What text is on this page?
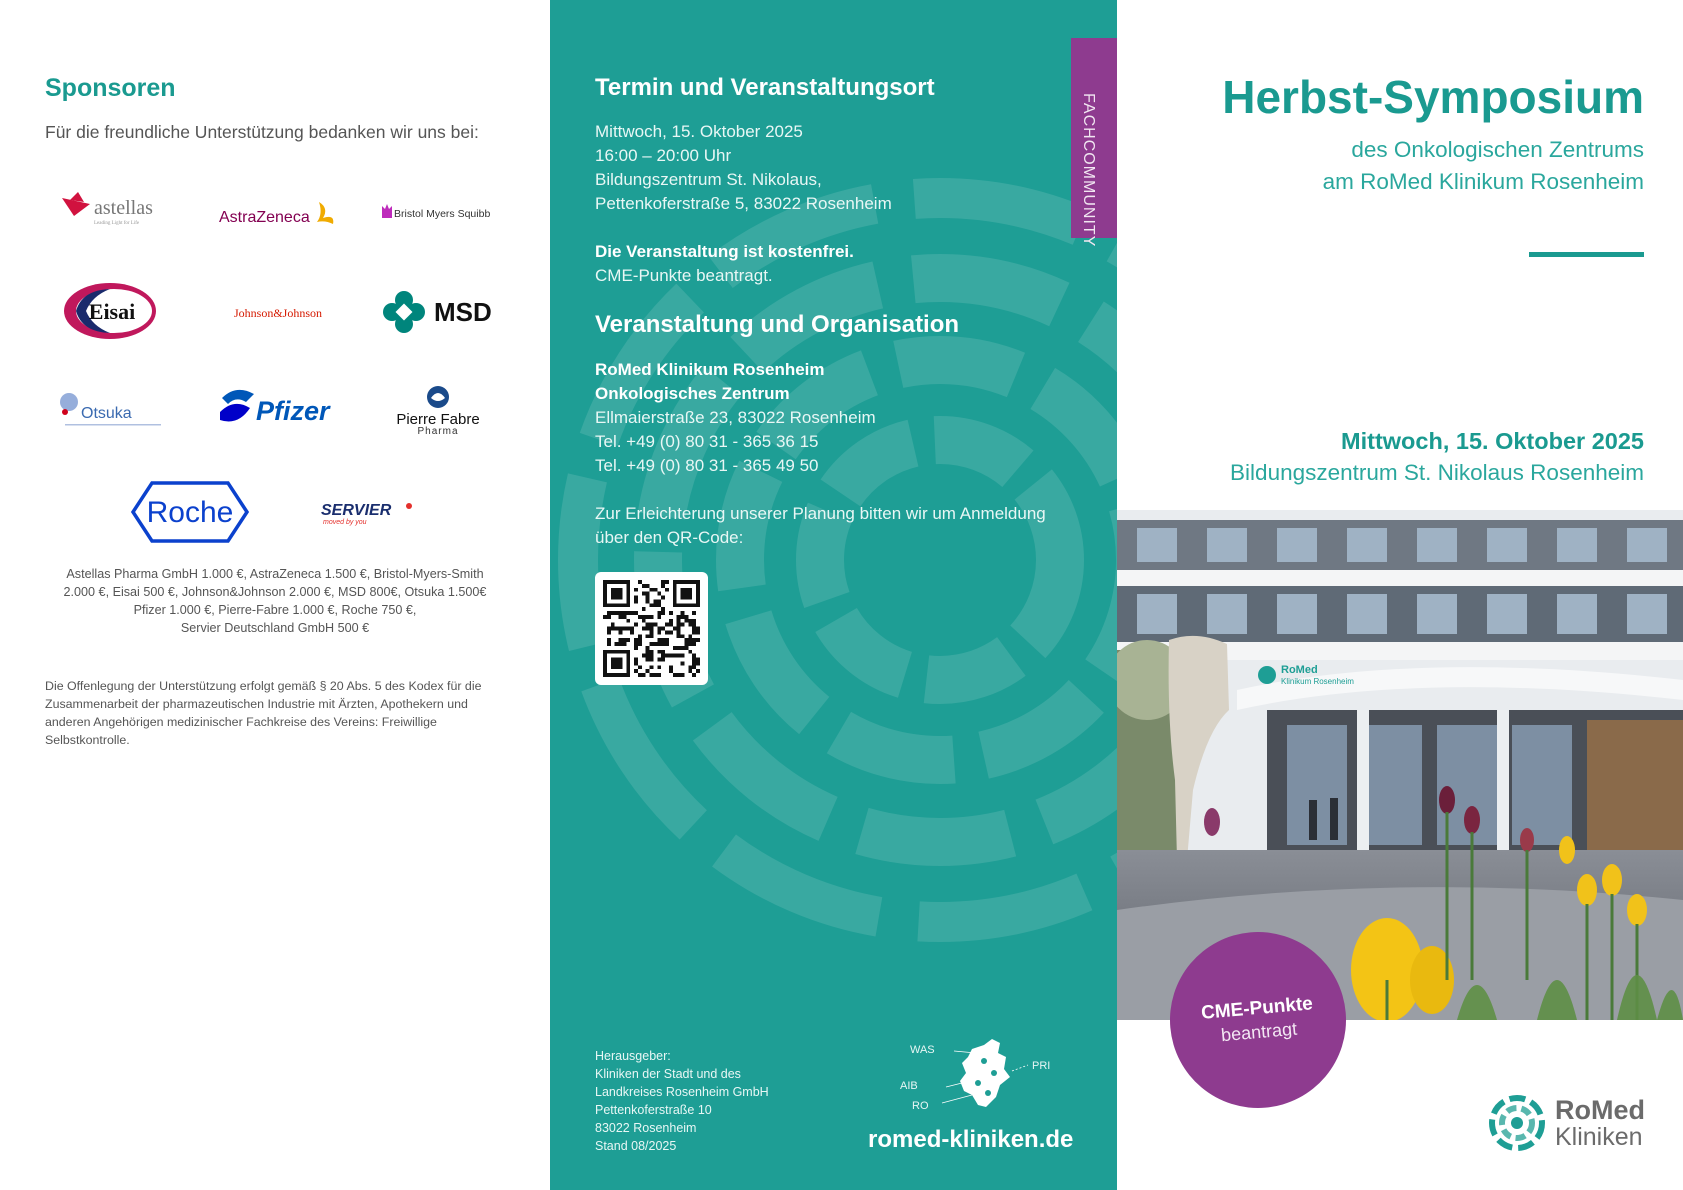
Sponsoren

Für die freundliche Unterstützung bedanken wir uns bei:

astellas
Leading Light for Life	AstraZeneca	Bristol Myers Squibb
Eisai	Johnson&Johnson	MSD
Otsuka	Pfizer	Pierre Fabre
Pharma
Roche	SERVIER
moved by you
Astellas Pharma GmbH 1.000 €, AstraZeneca 1.500 €, Bristol-Myers-Smith
2.000 €, Eisai 500 €, Johnson&Johnson 2.000 €, MSD 800€, Otsuka 1.500€
Pfizer 1.000 €, Pierre-Fabre 1.000 €, Roche 750 €,
Servier Deutschland GmbH 500 €

Die Offenlegung der Unterstützung erfolgt gemäß § 20 Abs. 5 des Kodex für die Zusammenarbeit der pharmazeutischen Industrie mit Ärzten, Apothekern und anderen Angehörigen medizinischer Fachkreise des Vereins: Freiwillige Selbstkontrolle.

Termin und Veranstaltungsort
Mittwoch, 15. Oktober 2025
16:00 – 20:00 Uhr
Bildungszentrum St. Nikolaus,
Pettenkoferstraße 5, 83022 Rosenheim
Die Veranstaltung ist kostenfrei.
CME-Punkte beantragt.
Veranstaltung und Organisation
RoMed Klinikum Rosenheim
Onkologisches Zentrum
Ellmaierstraße 23, 83022 Rosenheim
Tel. +49 (0) 80 31 - 365 36 15
Tel. +49 (0) 80 31 - 365 49 50
Zur Erleichterung unserer Planung bitten wir um Anmeldung
über den QR-Code:
Herausgeber:
Kliniken der Stadt und des
Landkreises Rosenheim GmbH
Pettenkoferstraße 10
83022 Rosenheim
Stand 08/2025
WAS
PRI
AIB
RO
romed-kliniken.de
FACHCOMMUNITY	Herbst-Symposium
des Onkologischen Zentrums
am RoMed Klinikum Rosenheim
Mittwoch, 15. Oktober 2025
Bildungszentrum St. Nikolaus Rosenheim
RoMed
Klinikum Rosenheim
CME-Punkte
beantragt
RoMed
Kliniken
